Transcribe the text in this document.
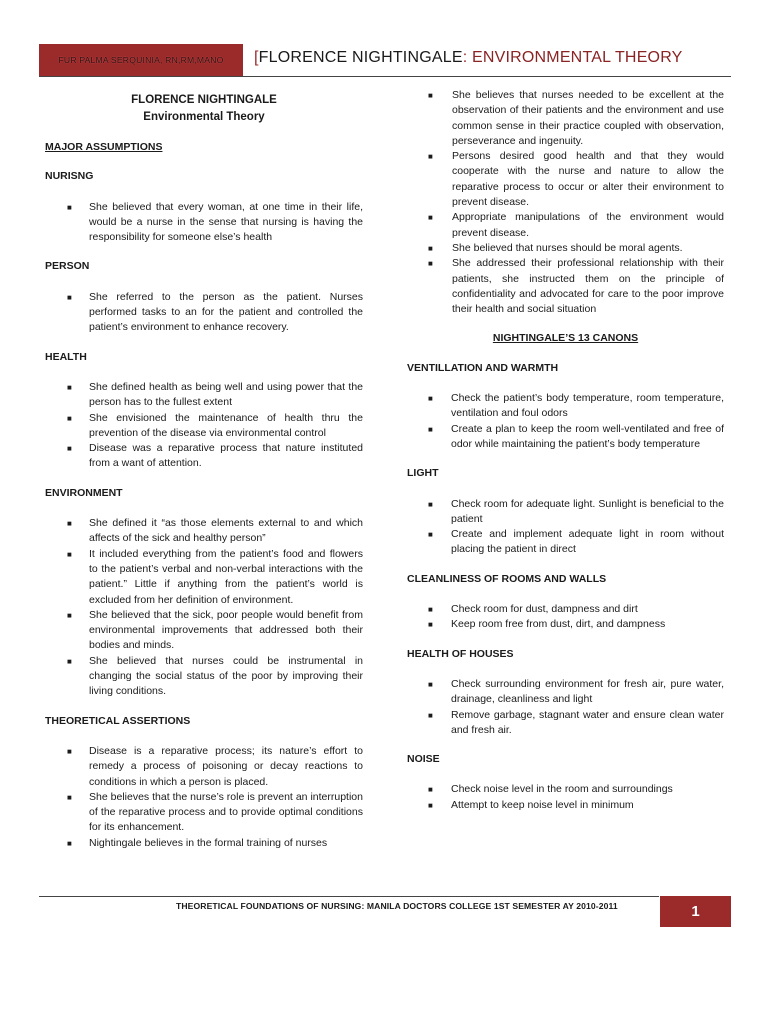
FUR PALMA SERQUINIA, RN,RM,MANO [FLORENCE NIGHTINGALE: ENVIRONMENTAL THEORY
FLORENCE NIGHTINGALE
Environmental Theory
MAJOR ASSUMPTIONS
NURISNG
■ She believed that every woman, at one time in their life, would be a nurse in the sense that nursing is having the responsibility for someone else’s health
PERSON
■ She referred to the person as the patient. Nurses performed tasks to an for the patient and controlled the patient’s environment to enhance recovery.
HEALTH
■ She defined health as being well and using power that the person has to the fullest extent
■ She envisioned the maintenance of health thru the prevention of the disease via environmental control
■ Disease was a reparative process that nature instituted from a want of attention.
ENVIRONMENT
■ She defined it “as those elements external to and which affects of the sick and healthy person”
■ It included everything from the patient’s food and flowers to the patient’s verbal and non-verbal interactions with the patient.” Little if anything from the patient’s world is excluded from her definition of environment.
■ She believed that the sick, poor people would benefit from environmental improvements that addressed both their bodies and minds.
■ She believed that nurses could be instrumental in changing the social status of the poor by improving their living conditions.
THEORETICAL ASSERTIONS
■ Disease is a reparative process; its nature’s effort to remedy a process of poisoning or decay reactions to conditions in which a person is placed.
■ She believes that the nurse’s role is prevent an interruption of the reparative process and to provide optimal conditions for its enhancement.
■ Nightingale believes in the formal training of nurses
■ She believes that nurses needed to be excellent at the observation of their patients and the environment and use common sense in their practice coupled with observation, perseverance and ingenuity.
■ Persons desired good health and that they would cooperate with the nurse and nature to allow the reparative process to occur or alter their environment to prevent disease.
■ Appropriate manipulations of the environment would prevent disease.
■ She believed that nurses should be moral agents.
■ She addressed their professional relationship with their patients, she instructed them on the principle of confidentiality and advocated for care to the poor improve their health and social situation
NIGHTINGALE’S 13 CANONS
VENTILLATION AND WARMTH
■ Check the patient’s body temperature, room temperature, ventilation and foul odors
■ Create a plan to keep the room well-ventilated and free of odor while maintaining the patient’s body temperature
LIGHT
■ Check room for adequate light. Sunlight is beneficial to the patient
■ Create and implement adequate light in room without placing the patient in direct
CLEANLINESS OF ROOMS AND WALLS
■ Check room for dust, dampness and dirt
■ Keep room free from dust, dirt, and dampness
HEALTH OF HOUSES
■ Check surrounding environment for fresh air, pure water, drainage, cleanliness and light
■ Remove garbage, stagnant water and ensure clean water and fresh air.
NOISE
■ Check noise level in the room and surroundings
■ Attempt to keep noise level in minimum
THEORETICAL FOUNDATIONS OF NURSING: MANILA DOCTORS COLLEGE 1ST SEMESTER AY 2010-2011	1
